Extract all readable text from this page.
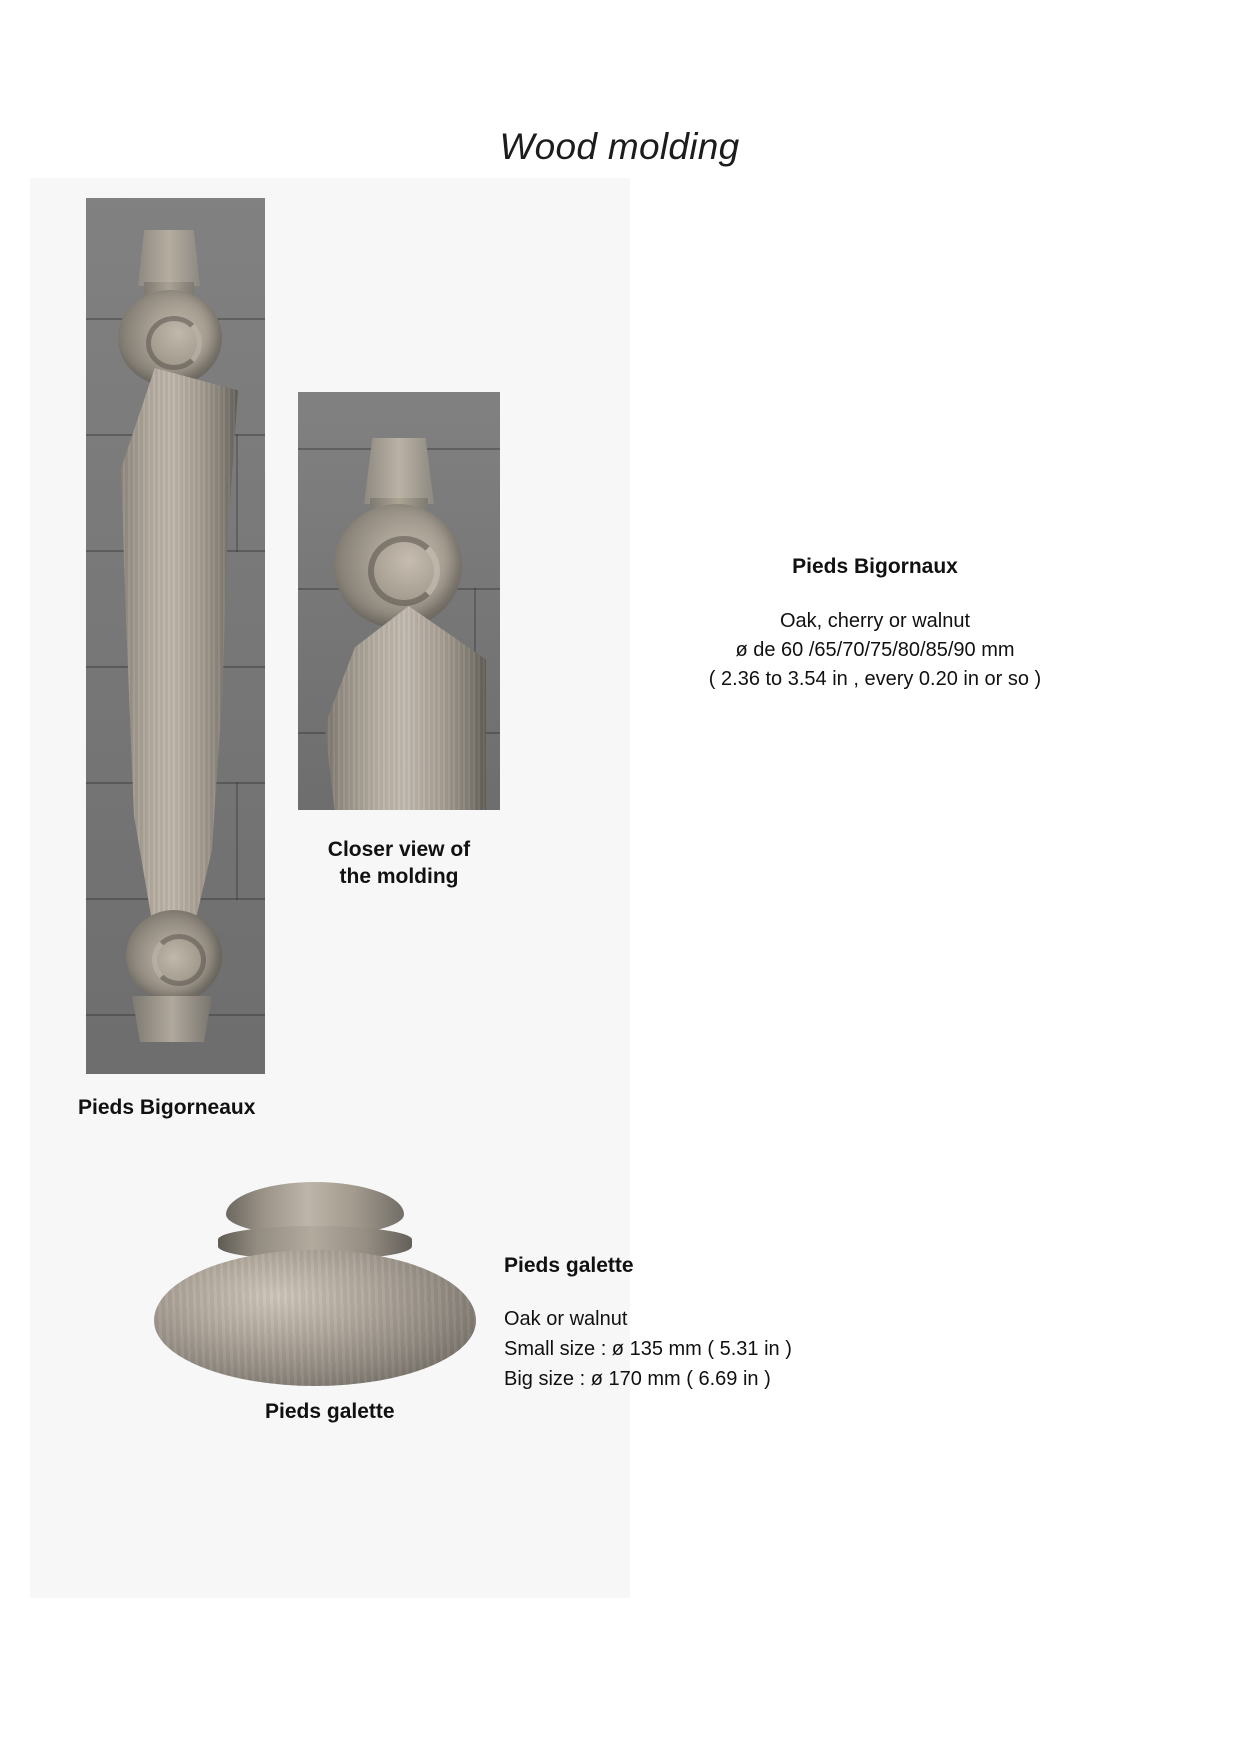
Wood molding
Pieds Bigorneaux
Closer view of
the molding
Pieds Bigornaux
Oak, cherry or walnut
ø de 60 /65/70/75/80/85/90 mm
( 2.36 to 3.54 in , every 0.20 in or so )
Pieds galette
Pieds galette
Oak or walnut
Small size : ø 135 mm ( 5.31 in )
Big size : ø 170 mm ( 6.69 in )
